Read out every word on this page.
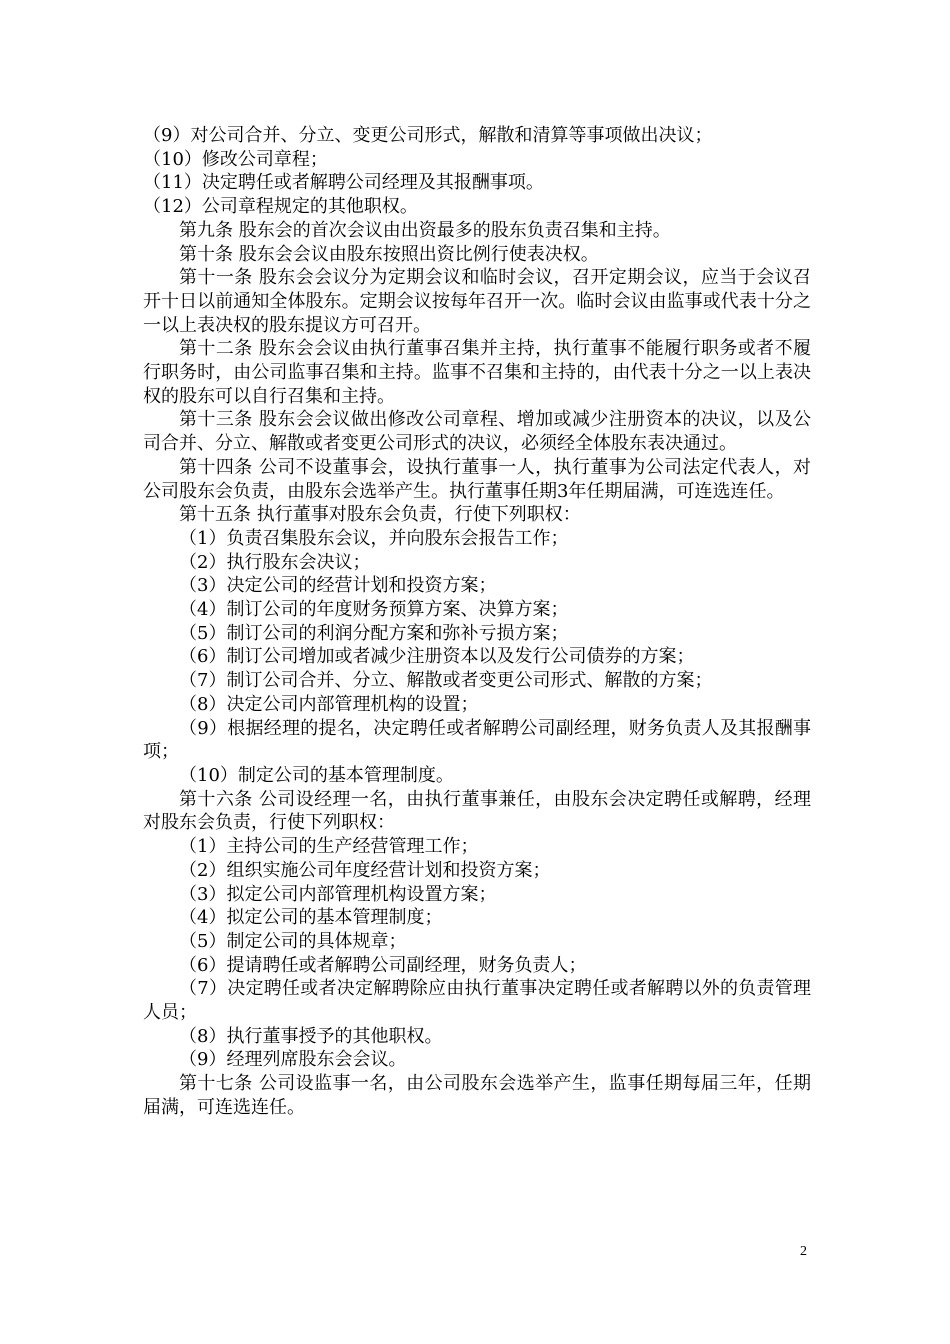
（9）对公司合并、分立、变更公司形式，解散和清算等事项做出决议；

（10）修改公司章程；

（11）决定聘任或者解聘公司经理及其报酬事项。

（12）公司章程规定的其他职权。

第九条 股东会的首次会议由出资最多的股东负责召集和主持。

第十条 股东会会议由股东按照出资比例行使表决权。

第十一条 股东会会议分为定期会议和临时会议，召开定期会议，应当于会议召开十日以前通知全体股东。定期会议按每年召开一次。临时会议由监事或代表十分之一以上表决权的股东提议方可召开。

第十二条 股东会会议由执行董事召集并主持，执行董事不能履行职务或者不履行职务时，由公司监事召集和主持。监事不召集和主持的，由代表十分之一以上表决权的股东可以自行召集和主持。

第十三条 股东会会议做出修改公司章程、增加或减少注册资本的决议，以及公司合并、分立、解散或者变更公司形式的决议，必须经全体股东表决通过。

第十四条 公司不设董事会，设执行董事一人，执行董事为公司法定代表人，对公司股东会负责，由股东会选举产生。执行董事任期3年任期届满，可连选连任。

第十五条 执行董事对股东会负责，行使下列职权：

（1）负责召集股东会议，并向股东会报告工作；

（2）执行股东会决议；

（3）决定公司的经营计划和投资方案；

（4）制订公司的年度财务预算方案、决算方案；

（5）制订公司的利润分配方案和弥补亏损方案；

（6）制订公司增加或者减少注册资本以及发行公司债券的方案；

（7）制订公司合并、分立、解散或者变更公司形式、解散的方案；

（8）决定公司内部管理机构的设置；

（9）根据经理的提名，决定聘任或者解聘公司副经理，财务负责人及其报酬事项；

（10）制定公司的基本管理制度。

第十六条 公司设经理一名，由执行董事兼任，由股东会决定聘任或解聘，经理对股东会负责，行使下列职权：

（1）主持公司的生产经营管理工作；

（2）组织实施公司年度经营计划和投资方案；

（3）拟定公司内部管理机构设置方案；

（4）拟定公司的基本管理制度；

（5）制定公司的具体规章；

（6）提请聘任或者解聘公司副经理，财务负责人；

（7）决定聘任或者决定解聘除应由执行董事决定聘任或者解聘以外的负责管理人员；

（8）执行董事授予的其他职权。

（9）经理列席股东会会议。

第十七条 公司设监事一名，由公司股东会选举产生，监事任期每届三年，任期届满，可连选连任。

2
